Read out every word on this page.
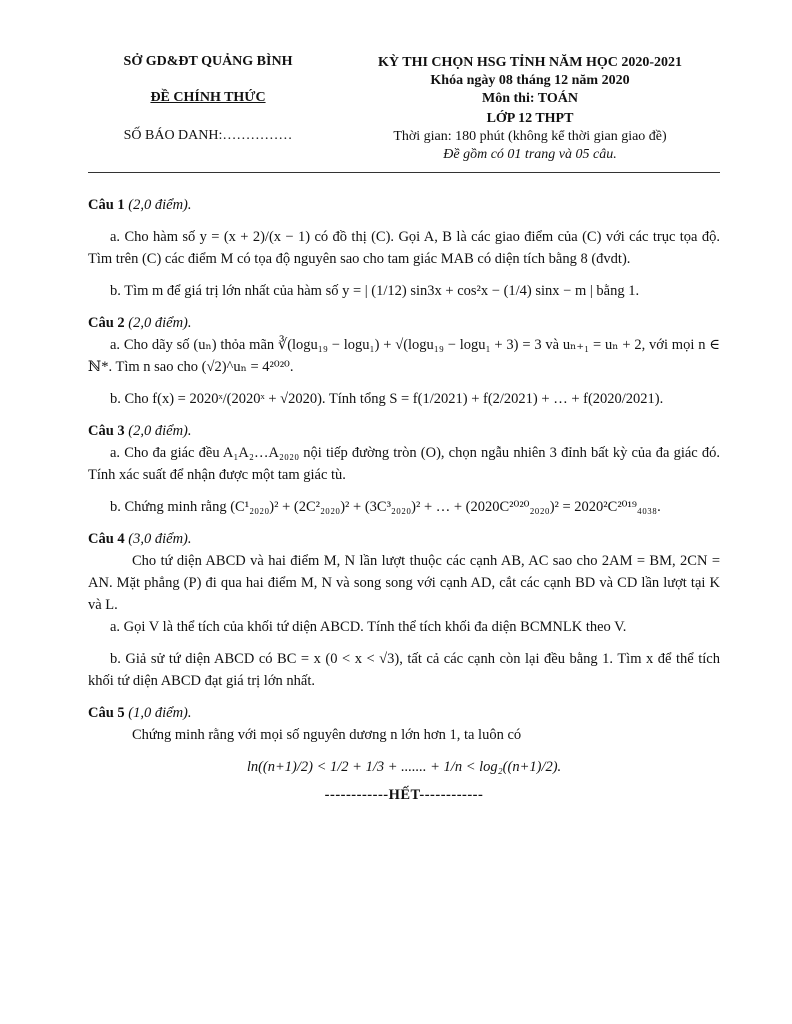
SỞ GD&ĐT QUẢNG BÌNH
ĐỀ CHÍNH THỨC
SỐ BÁO DANH:……………
KỲ THI CHỌN HSG TỈNH NĂM HỌC 2020-2021
Khóa ngày 08 tháng 12 năm 2020
Môn thi: TOÁN
LỚP 12 THPT
Thời gian: 180 phút (không kể thời gian giao đề)
Đề gồm có 01 trang và 05 câu.

Câu 1 (2,0 điểm).

a. Cho hàm số y = (x + 2)/(x − 1) có đồ thị (C). Gọi A, B là các giao điểm của (C) với các trục tọa độ. Tìm trên (C) các điểm M có tọa độ nguyên sao cho tam giác MAB có diện tích bằng 8 (đvdt).

b. Tìm m để giá trị lớn nhất của hàm số y = | (1/12) sin3x + cos²x − (1/4) sinx − m | bằng 1.

Câu 2 (2,0 điểm).

a. Cho dãy số (uₙ) thỏa mãn ∛(logu₁₉ − logu₁) + √(logu₁₉ − logu₁ + 3) = 3 và uₙ₊₁ = uₙ + 2, với mọi n ∈ ℕ*. Tìm n sao cho (√2)^uₙ = 4²⁰²⁰.

b. Cho f(x) = 2020ˣ/(2020ˣ + √2020). Tính tổng S = f(1/2021) + f(2/2021) + … + f(2020/2021).

Câu 3 (2,0 điểm).

a. Cho đa giác đều A₁A₂…A₂₀₂₀ nội tiếp đường tròn (O), chọn ngẫu nhiên 3 đỉnh bất kỳ của đa giác đó. Tính xác suất để nhận được một tam giác tù.

b. Chứng minh rằng (C¹₂₀₂₀)² + (2C²₂₀₂₀)² + (3C³₂₀₂₀)² + … + (2020C²⁰²⁰₂₀₂₀)² = 2020²C²⁰¹⁹₄₀₃₈.

Câu 4 (3,0 điểm).

Cho tứ diện ABCD và hai điểm M, N lần lượt thuộc các cạnh AB, AC sao cho 2AM = BM, 2CN = AN. Mặt phẳng (P) đi qua hai điểm M, N và song song với cạnh AD, cắt các cạnh BD và CD lần lượt tại K và L.

a. Gọi V là thể tích của khối tứ diện ABCD. Tính thể tích khối đa diện BCMNLK theo V.

b. Giả sử tứ diện ABCD có BC = x (0 < x < √3), tất cả các cạnh còn lại đều bằng 1. Tìm x để thể tích khối tứ diện ABCD đạt giá trị lớn nhất.

Câu 5 (1,0 điểm).

Chứng minh rằng với mọi số nguyên dương n lớn hơn 1, ta luôn có

ln((n+1)/2) < 1/2 + 1/3 + ....... + 1/n < log₂((n+1)/2).

------------HẾT------------
